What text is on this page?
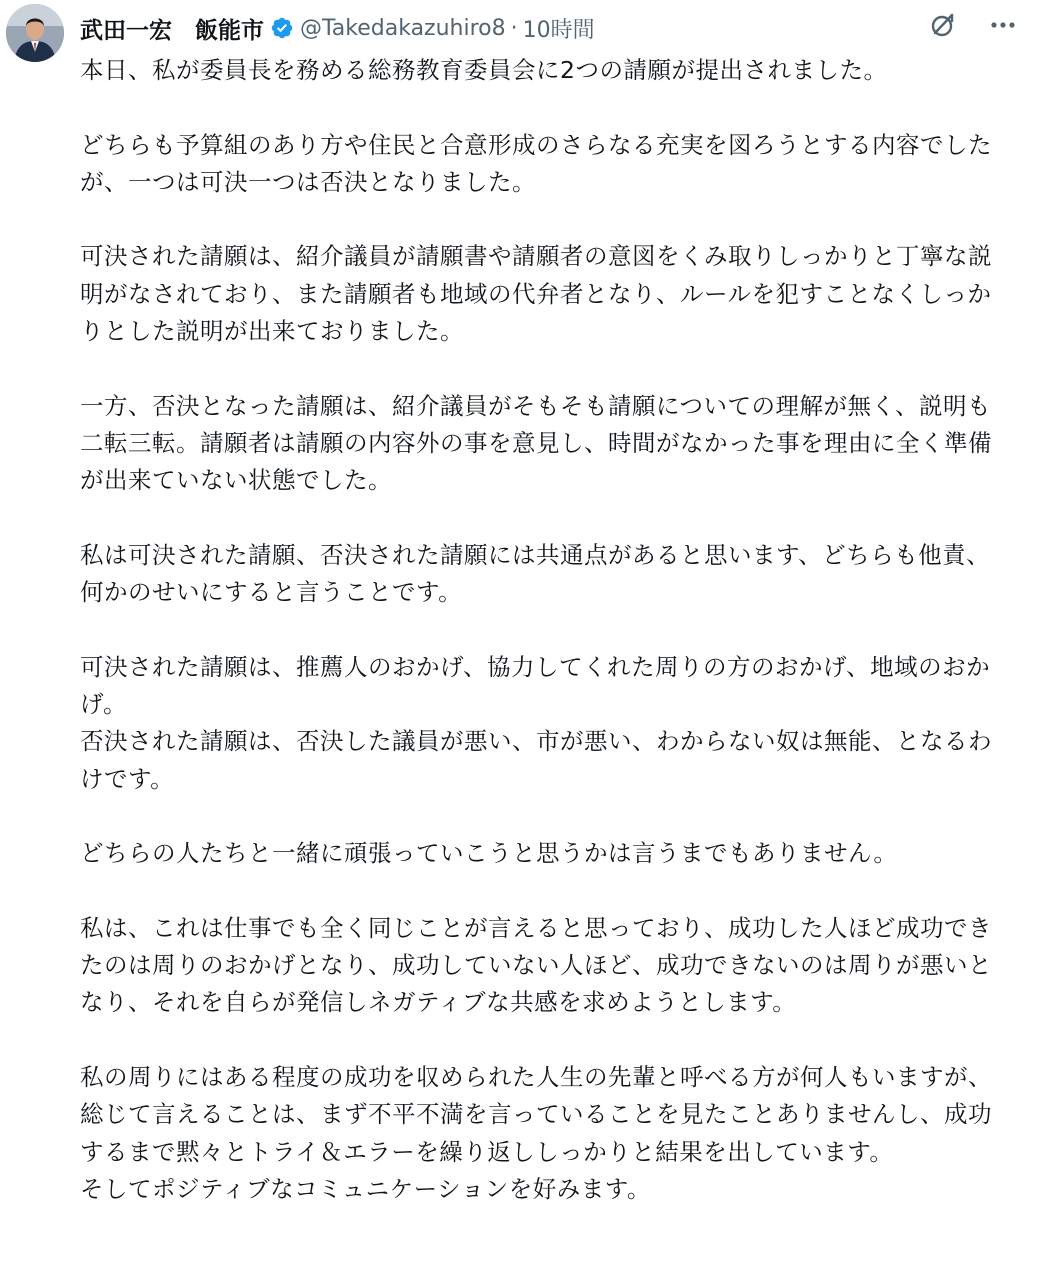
武田一宏　飯能市 @Takedakazuhiro8 · 10時間
本日、私が委員長を務める総務教育委員会に2つの請願が提出されました。

どちらも予算組のあり方や住民と合意形成のさらなる充実を図ろうとする内容でしたが、一つは可決一つは否決となりました。

可決された請願は、紹介議員が請願書や請願者の意図をくみ取りしっかりと丁寧な説明がなされており、また請願者も地域の代弁者となり、ルールを犯すことなくしっかりとした説明が出来ておりました。

一方、否決となった請願は、紹介議員がそもそも請願についての理解が無く、説明も二転三転。請願者は請願の内容外の事を意見し、時間がなかった事を理由に全く準備が出来ていない状態でした。

私は可決された請願、否決された請願には共通点があると思います、どちらも他責、何かのせいにすると言うことです。

可決された請願は、推薦人のおかげ、協力してくれた周りの方のおかげ、地域のおかげ。
否決された請願は、否決した議員が悪い、市が悪い、わからない奴は無能、となるわけです。

どちらの人たちと一緒に頑張っていこうと思うかは言うまでもありません。

私は、これは仕事でも全く同じことが言えると思っており、成功した人ほど成功できたのは周りのおかげとなり、成功していない人ほど、成功できないのは周りが悪いとなり、それを自らが発信しネガティブな共感を求めようとします。

私の周りにはある程度の成功を収められた人生の先輩と呼べる方が何人もいますが、総じて言えることは、まず不平不満を言っていることを見たことありませんし、成功するまで黙々とトライ＆エラーを繰り返ししっかりと結果を出しています。
そしてポジティブなコミュニケーションを好みます。
